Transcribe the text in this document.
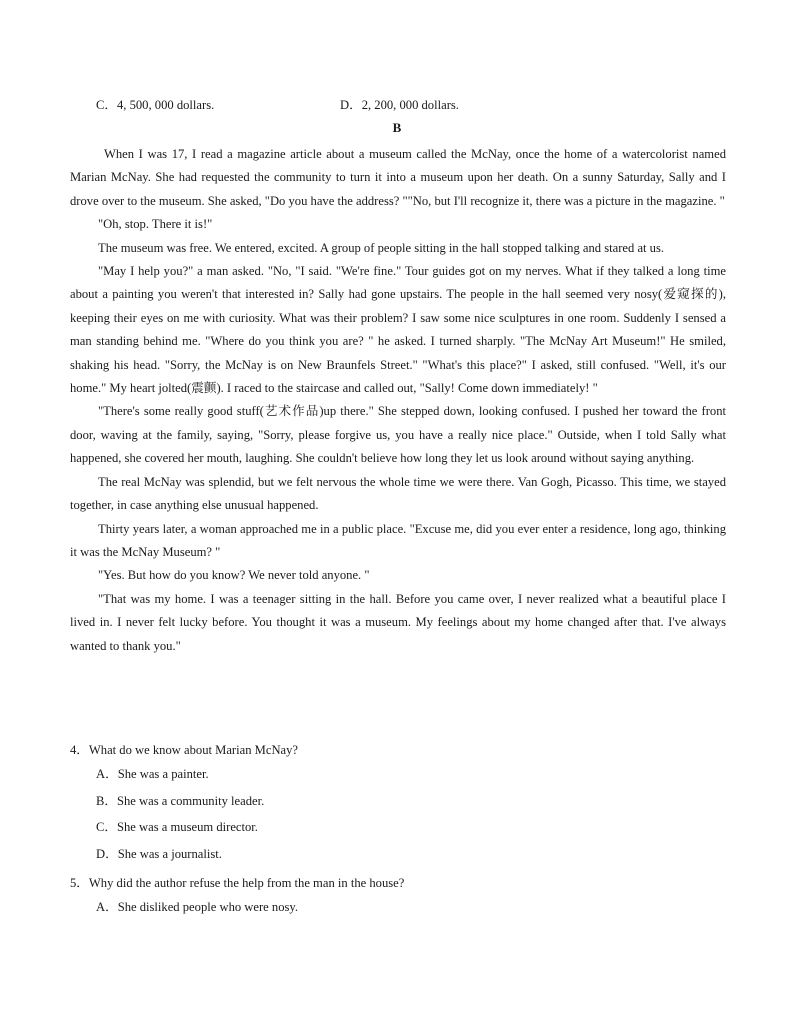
C．4, 500, 000 dollars.	D．2, 200, 000 dollars.
B

When I was 17, I read a magazine article about a museum called the McNay, once the home of a watercolorist named Marian McNay. She had requested the community to turn it into a museum upon her death. On a sunny Saturday, Sally and I drove over to the museum. She asked, "Do you have the address? ""No, but I'll recognize it, there was a picture in the magazine. "

"Oh, stop. There it is!"

The museum was free. We entered, excited. A group of people sitting in the hall stopped talking and stared at us.

"May I help you?" a man asked. "No, "I said. "We're fine." Tour guides got on my nerves. What if they talked a long time about a painting you weren't that interested in? Sally had gone upstairs. The people in the hall seemed very nosy(爱窥探的), keeping their eyes on me with curiosity. What was their problem? I saw some nice sculptures in one room. Suddenly I sensed a man standing behind me. "Where do you think you are? " he asked. I turned sharply. "The McNay Art Museum!" He smiled, shaking his head. "Sorry, the McNay is on New Braunfels Street." "What's this place?" I asked, still confused. "Well, it's our home." My heart jolted(震颤). I raced to the staircase and called out, "Sally! Come down immediately! "

"There's some really good stuff(艺术作品)up there." She stepped down, looking confused. I pushed her toward the front door, waving at the family, saying, "Sorry, please forgive us, you have a really nice place." Outside, when I told Sally what happened, she covered her mouth, laughing. She couldn't believe how long they let us look around without saying anything.

The real McNay was splendid, but we felt nervous the whole time we were there. Van Gogh, Picasso. This time, we stayed together, in case anything else unusual happened.

Thirty years later, a woman approached me in a public place. "Excuse me, did you ever enter a residence, long ago, thinking it was the McNay Museum? "

"Yes. But how do you know? We never told anyone. "

"That was my home. I was a teenager sitting in the hall. Before you came over, I never realized what a beautiful place I lived in. I never felt lucky before. You thought it was a museum. My feelings about my home changed after that. I've always wanted to thank you."

4．What do we know about Marian McNay?

A．She was a painter.

B．She was a community leader.

C．She was a museum director.

D．She was a journalist.

5．Why did the author refuse the help from the man in the house?

A．She disliked people who were nosy.
